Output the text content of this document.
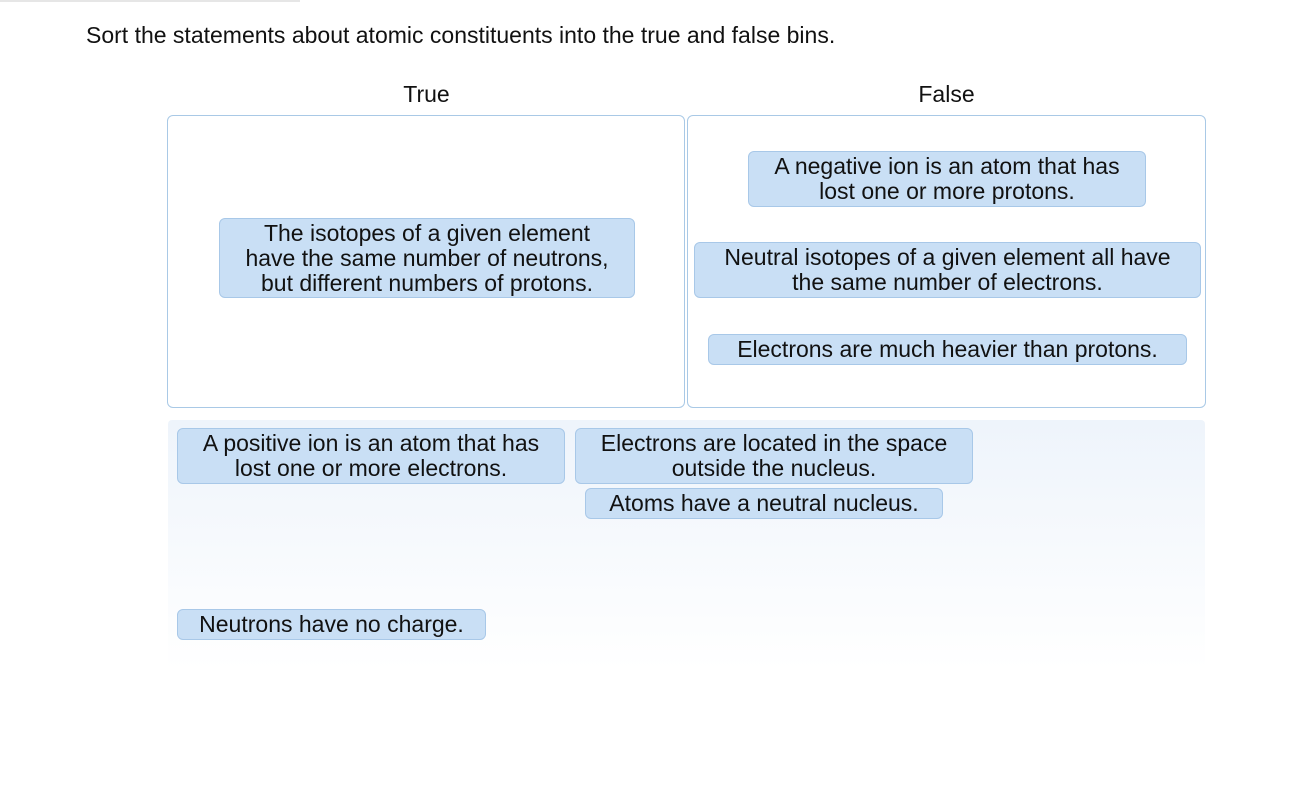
Sort the statements about atomic constituents into the true and false bins.
True	False
The isotopes of a given element
have the same number of neutrons,
but different numbers of protons.
A negative ion is an atom that has
lost one or more protons.
Neutral isotopes of a given element all have
the same number of electrons.
Electrons are much heavier than protons.
A positive ion is an atom that has
lost one or more electrons.
Electrons are located in the space
outside the nucleus.
Atoms have a neutral nucleus.
Neutrons have no charge.
